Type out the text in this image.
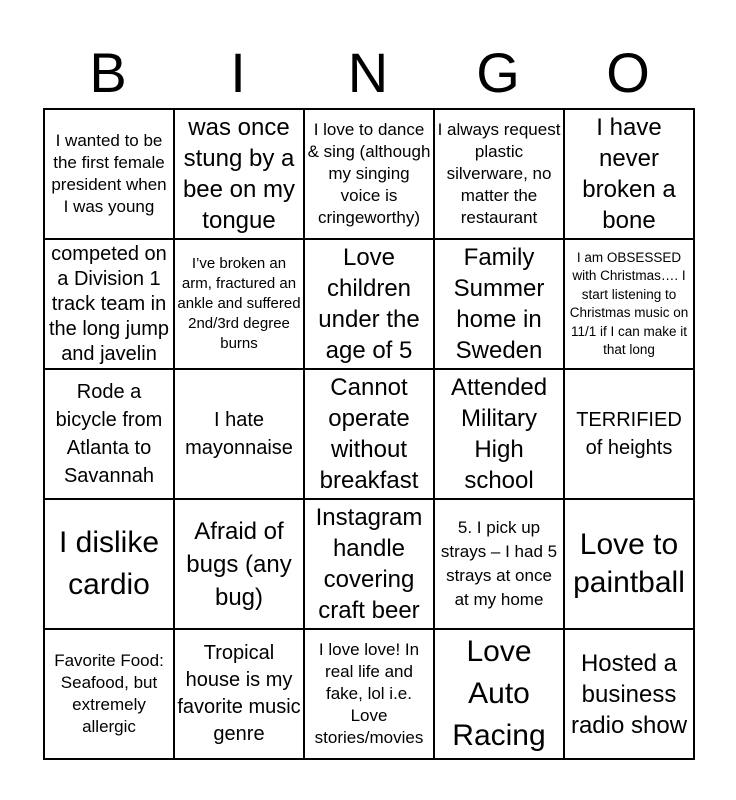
B	I	N	G	O
I wanted to be the first female president when I was young	was once stung by a bee on my tongue	I love to dance & sing (although my singing voice is cringeworthy)	I always request plastic silverware, no matter the restaurant	I have never broken a bone

competed on a Division 1 track team in the long jump and javelin	I’ve broken an arm, fractured an ankle and suffered 2nd/3rd degree burns	Love children under the age of 5	Family Summer home in Sweden	I am OBSESSED with Christmas…. I start listening to Christmas music on 11/1 if I can make it that long

Rode a bicycle from Atlanta to Savannah	I hate mayonnaise	Cannot operate without breakfast	Attended Military High school	TERRIFIED of heights

I dislike cardio	Afraid of bugs (any bug)	Instagram handle covering craft beer	5. I pick up strays – I had 5 strays at once at my home	Love to paintball

Favorite Food: Seafood, but extremely allergic	Tropical house is my favorite music genre	I love love! In real life and fake, lol i.e. Love stories/movies	Love Auto Racing	Hosted a business radio show
